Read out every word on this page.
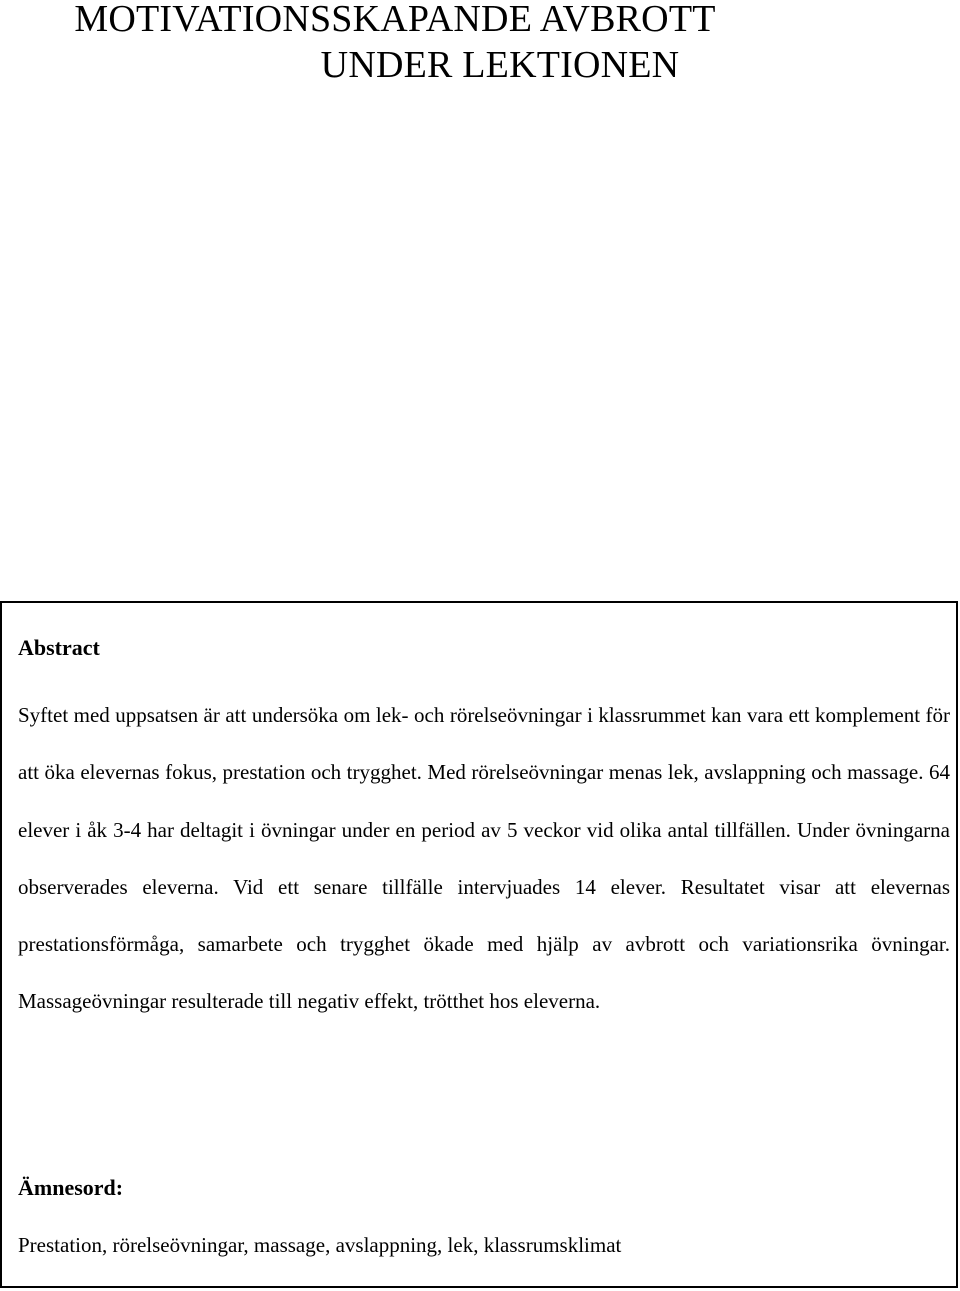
MOTIVATIONSSKAPANDE AVBROTT
UNDER LEKTIONEN
Abstract

Syftet med uppsatsen är att undersöka om lek- och rörelseövningar i klassrummet kan vara ett komplement för att öka elevernas fokus, prestation och trygghet. Med rörelseövningar menas lek, avslappning och massage. 64 elever i åk 3-4 har deltagit i övningar under en period av 5 veckor vid olika antal tillfällen. Under övningarna observerades eleverna. Vid ett senare tillfälle intervjuades 14 elever. Resultatet visar att elevernas prestationsförmåga, samarbete och trygghet ökade med hjälp av avbrott och variationsrika övningar. Massageövningar resulterade till negativ effekt, trötthet hos eleverna.

Ämnesord:

Prestation, rörelseövningar, massage, avslappning, lek, klassrumsklimat
